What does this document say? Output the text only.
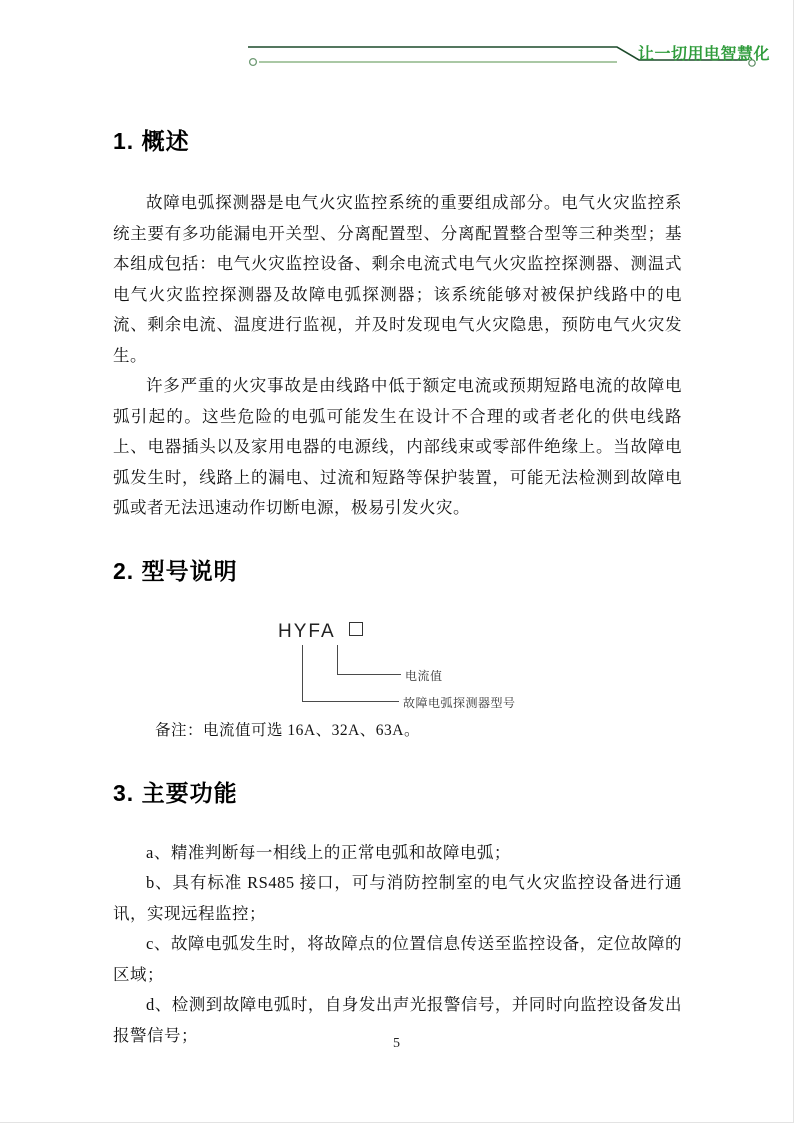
让一切用电智慧化
1. 概述

故障电弧探测器是电气火灾监控系统的重要组成部分。电气火灾监控系统主要有多功能漏电开关型、分离配置型、分离配置整合型等三种类型；基本组成包括：电气火灾监控设备、剩余电流式电气火灾监控探测器、测温式电气火灾监控探测器及故障电弧探测器；该系统能够对被保护线路中的电流、剩余电流、温度进行监视，并及时发现电气火灾隐患，预防电气火灾发生。

许多严重的火灾事故是由线路中低于额定电流或预期短路电流的故障电弧引起的。这些危险的电弧可能发生在设计不合理的或者老化的供电线路上、电器插头以及家用电器的电源线，内部线束或零部件绝缘上。当故障电弧发生时，线路上的漏电、过流和短路等保护装置，可能无法检测到故障电弧或者无法迅速动作切断电源，极易引发火灾。

2. 型号说明
HYFA
电流值
故障电弧探测器型号

备注：电流值可选 16A、32A、63A。

3. 主要功能

a、精准判断每一相线上的正常电弧和故障电弧；

b、具有标准 RS485 接口，可与消防控制室的电气火灾监控设备进行通讯，实现远程监控；

c、故障电弧发生时，将故障点的位置信息传送至监控设备，定位故障的区域；

d、检测到故障电弧时，自身发出声光报警信号，并同时向监控设备发出报警信号；	5
